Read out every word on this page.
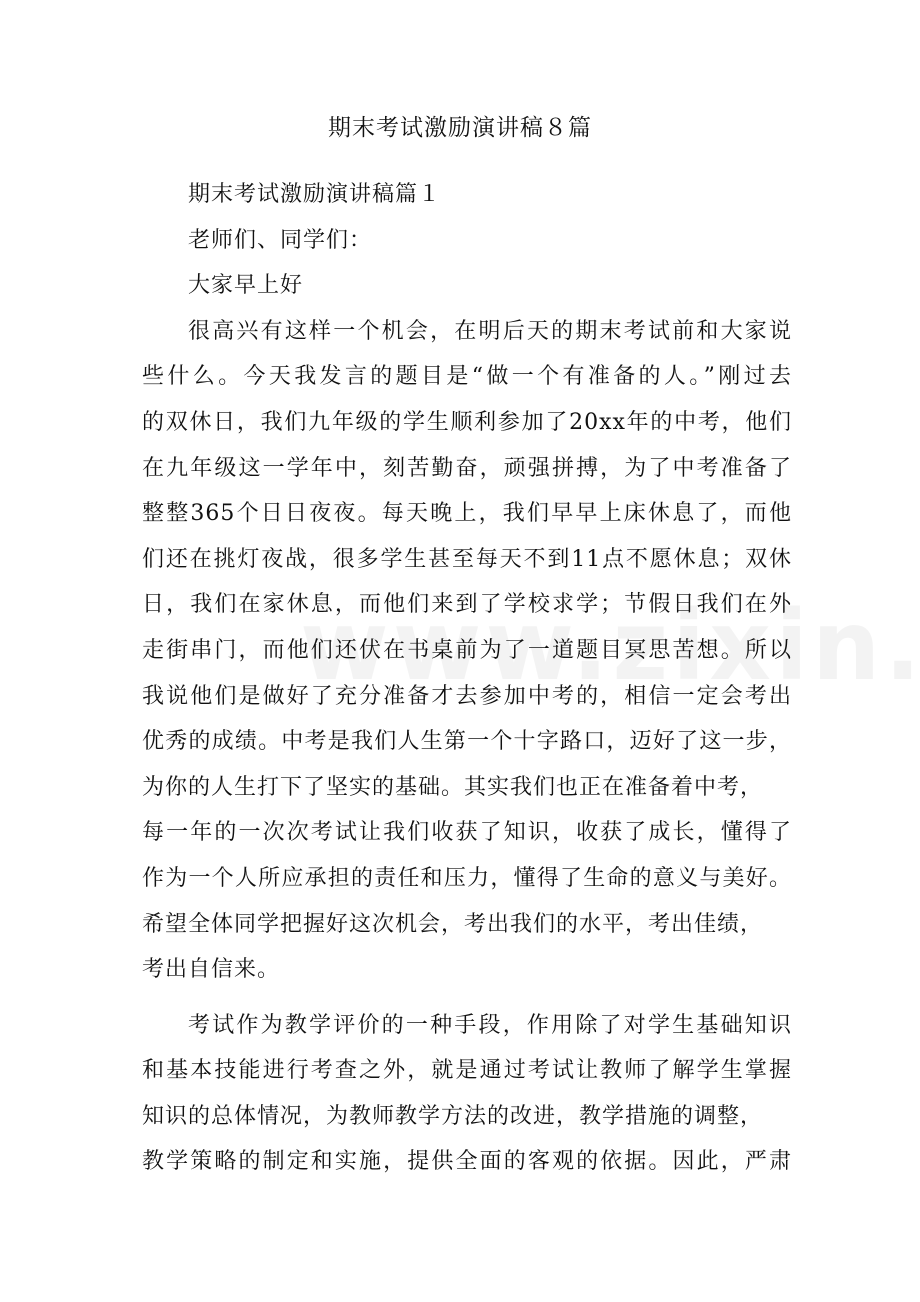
期末考试激励演讲稿８篇

期末考试激励演讲稿篇１

老师们、同学们：

大家早上好

很高兴有这样一个机会，在明后天的期末考试前和大家说

些什么。今天我发言的题目是“做一个有准备的人。”刚过去

的双休日，我们九年级的学生顺利参加了20xx年的中考，他们

在九年级这一学年中，刻苦勤奋，顽强拼搏，为了中考准备了

整整365个日日夜夜。每天晚上，我们早早上床休息了，而他

们还在挑灯夜战，很多学生甚至每天不到11点不愿休息；双休

日，我们在家休息，而他们来到了学校求学；节假日我们在外

走街串门，而他们还伏在书桌前为了一道题目冥思苦想。所以

我说他们是做好了充分准备才去参加中考的，相信一定会考出

优秀的成绩。中考是我们人生第一个十字路口，迈好了这一步，

为你的人生打下了坚实的基础。其实我们也正在准备着中考，

每一年的一次次考试让我们收获了知识，收获了成长，懂得了

作为一个人所应承担的责任和压力，懂得了生命的意义与美好。

希望全体同学把握好这次机会，考出我们的水平，考出佳绩，

考出自信来。

考试作为教学评价的一种手段，作用除了对学生基础知识

和基本技能进行考查之外，就是通过考试让教师了解学生掌握

知识的总体情况，为教师教学方法的改进，教学措施的调整，

教学策略的制定和实施，提供全面的客观的依据。因此，严肃
